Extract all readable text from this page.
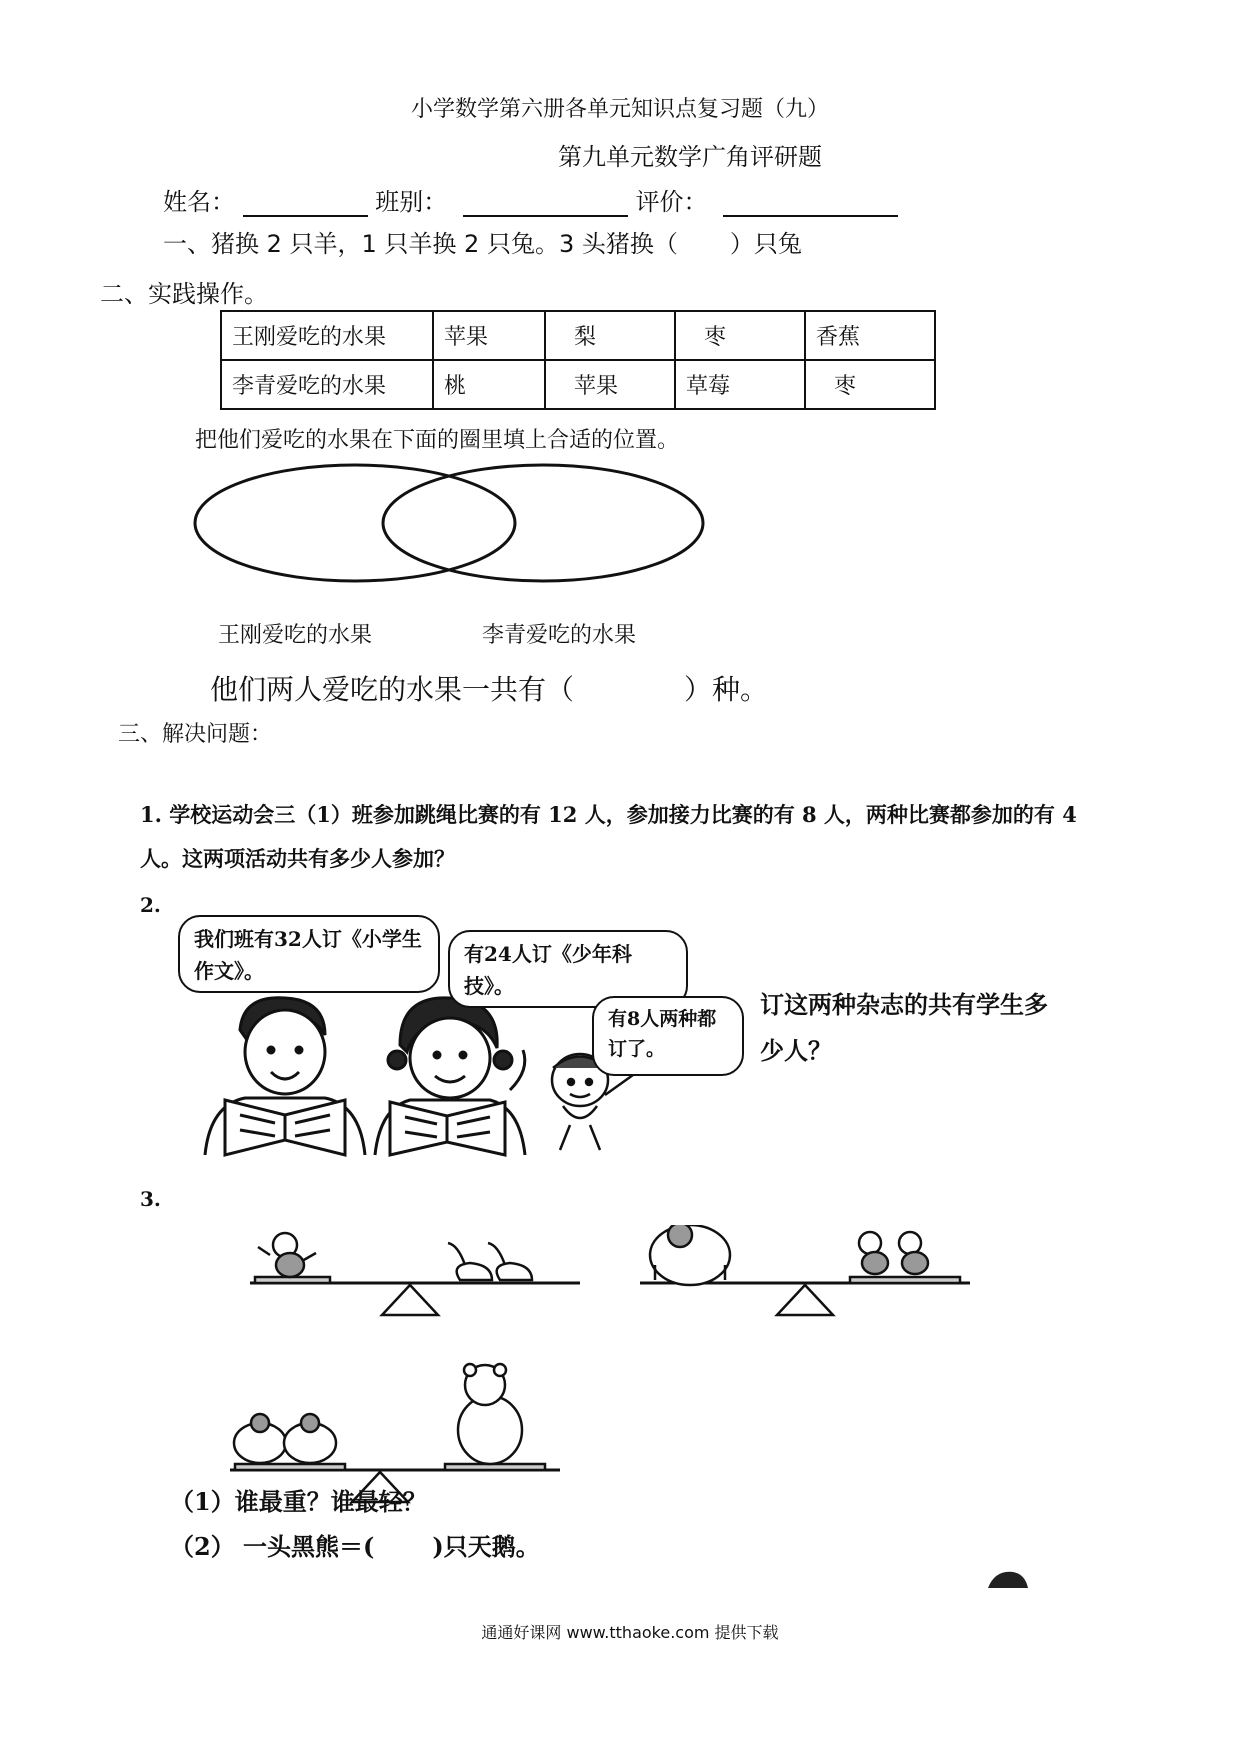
小学数学第六册各单元知识点复习题（九）
第九单元数学广角评研题
姓名：	班别：	评价：
一、猪换 2 只羊，1 只羊换 2 只兔。3 头猪换（ ）只兔
二、实践操作。
王刚爱吃的水果	苹果	梨	枣	香蕉
李青爱吃的水果	桃	苹果	草莓	枣
把他们爱吃的水果在下面的圈里填上合适的位置。
王刚爱吃的水果	李青爱吃的水果
他们两人爱吃的水果一共有（	）种。
三、解决问题：
1. 学校运动会三（1）班参加跳绳比赛的有 12 人，参加接力比赛的有 8 人，两种比赛都参加的有 4 人。这两项活动共有多少人参加？
2.
我们班有32人订《小学生作文》。
有24人订《少年科技》。
有8人两种都订了。
订这两种杂志的共有学生多少人？
3.
（1）谁最重？谁最轻？
（2） 一头黑熊＝( )只天鹅。
通通好课网 www.tthaoke.com 提供下载
